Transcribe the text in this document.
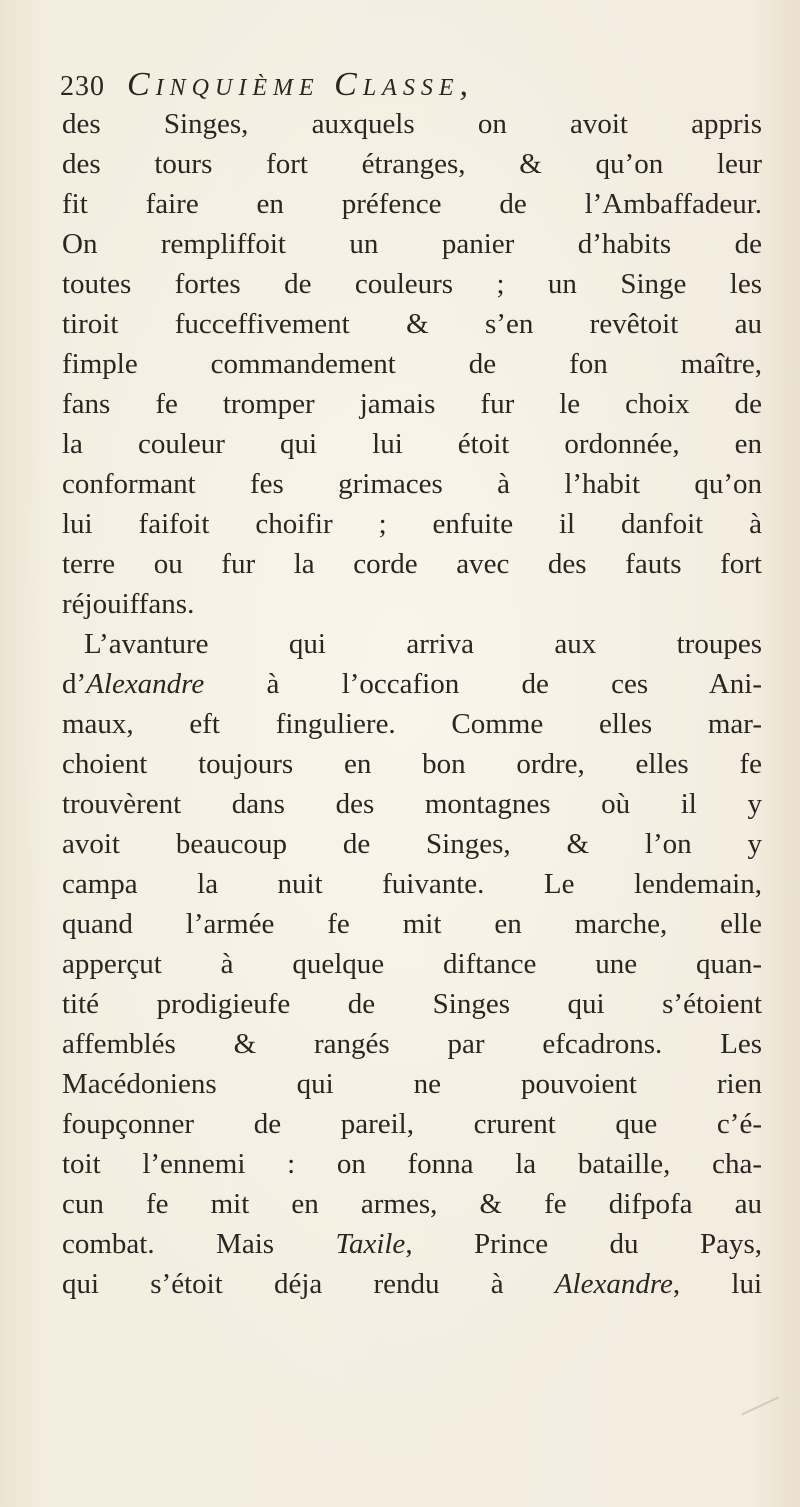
230 Cinquième Classe,
des Singes, auxquels on avoit appris
des tours fort étranges, & qu’on leur
fit faire en préfence de l’Ambaffadeur.
On rempliffoit un panier d’habits de
toutes fortes de couleurs ; un Singe les
tiroit fucceffivement & s’en revêtoit au
fimple commandement de fon maître,
fans fe tromper jamais fur le choix de
la couleur qui lui étoit ordonnée, en
conformant fes grimaces à l’habit qu’on
lui faifoit choifir ; enfuite il danfoit à
terre ou fur la corde avec des fauts fort
réjouiffans.
L’avanture qui arriva aux troupes
d’Alexandre à l’occafion de ces Ani-
maux, eft finguliere. Comme elles mar-
choient toujours en bon ordre, elles fe
trouvèrent dans des montagnes où il y
avoit beaucoup de Singes, & l’on y
campa la nuit fuivante. Le lendemain,
quand l’armée fe mit en marche, elle
apperçut à quelque diftance une quan-
tité prodigieufe de Singes qui s’étoient
affemblés & rangés par efcadrons. Les
Macédoniens qui ne pouvoient rien
foupçonner de pareil, crurent que c’é-
toit l’ennemi : on fonna la bataille, cha-
cun fe mit en armes, & fe difpofa au
combat. Mais Taxile, Prince du Pays,
qui s’étoit déja rendu à Alexandre, lui
